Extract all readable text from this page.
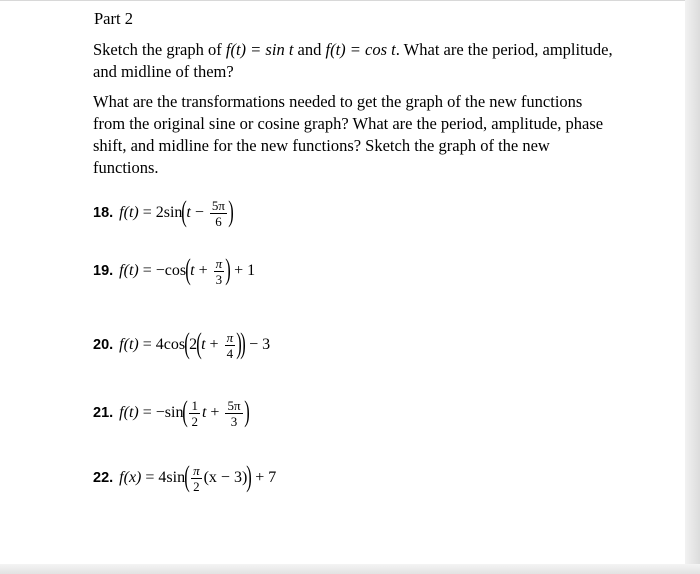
Part 2
Sketch the graph of f(t) = sin t and f(t) = cos t. What are the period, amplitude, and midline of them?
What are the transformations needed to get the graph of the new functions from the original sine or cosine graph? What are the period, amplitude, phase shift, and midline for the new functions? Sketch the graph of the new functions.
18. f(t) = 2sin ( $t - \frac{5\pi}{6}$ )
19. f(t) = −cos ( $t + \frac{\pi}{3}$ ) + 1
20. f(t) = 4cos ( 2 ( $t + \frac{\pi}{4}$ )
) − 3
21. f(t) = −sin ( $\frac{1}{2}$ $t + \frac{5\pi}{3}$ )
22. f(x) = 4sin ( $\frac{\pi}{2} (x - 3)$ ) + 7
